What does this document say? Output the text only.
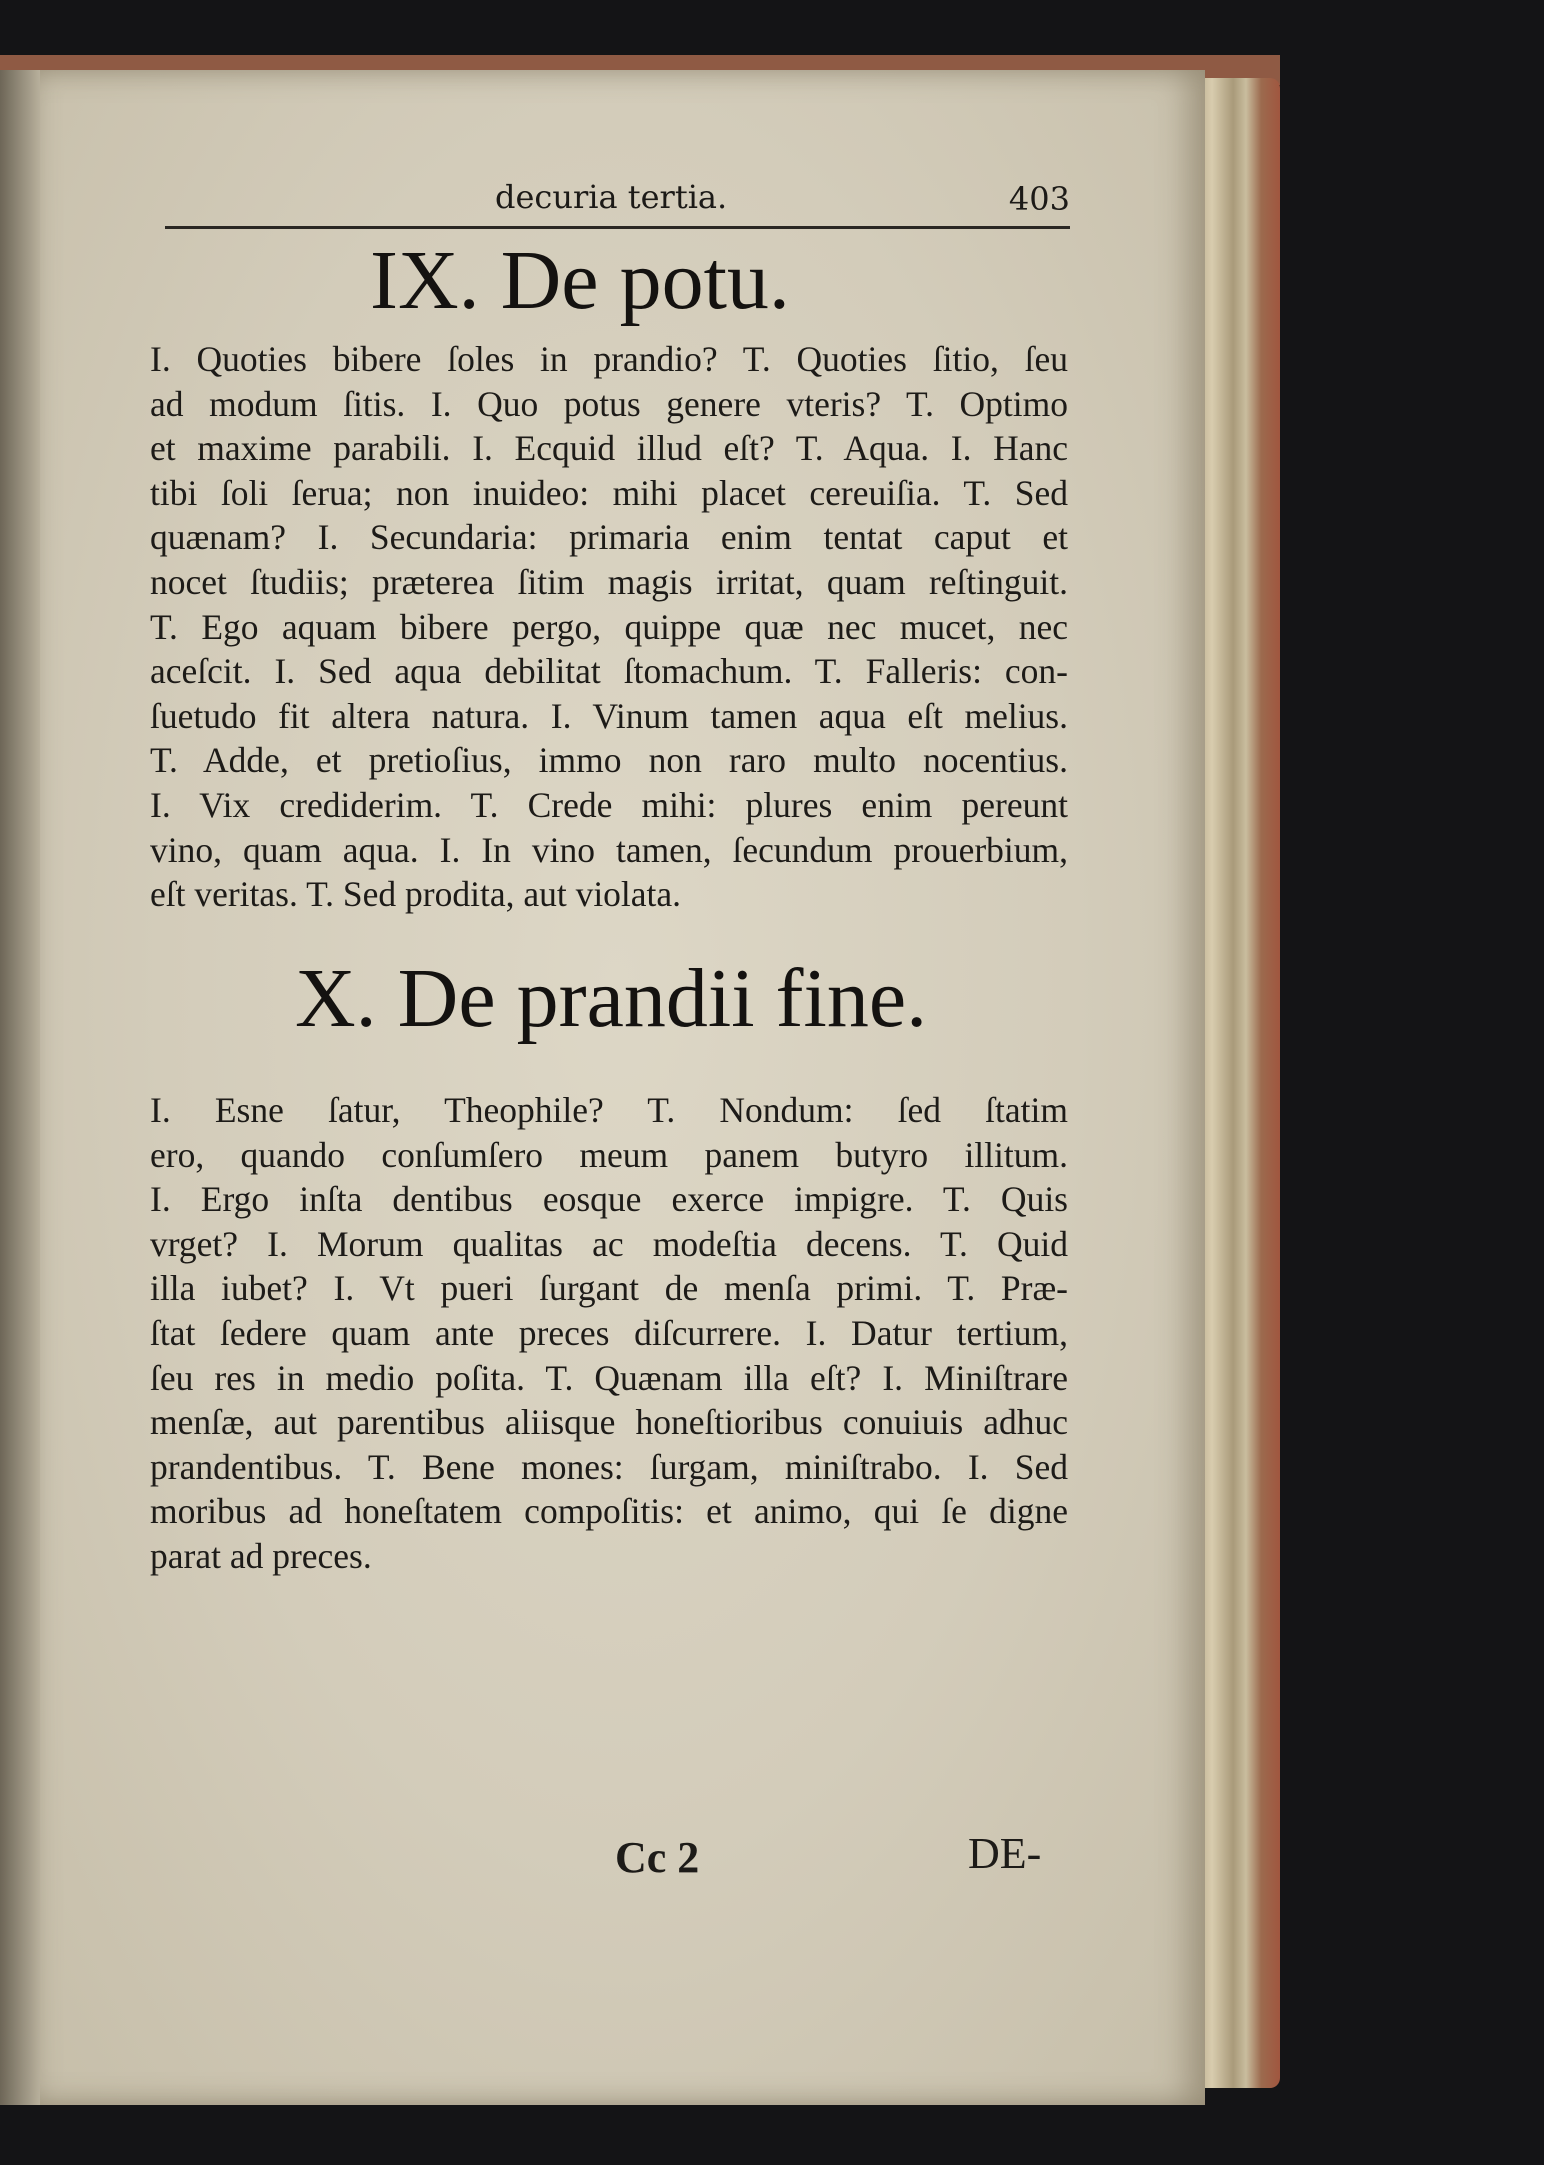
decuria tertia.	403
IX. De potu.
I. Quoties bibere ſoles in prandio? T. Quoties ſitio, ſeu
ad modum ſitis. I. Quo potus genere vteris? T. Optimo
et maxime parabili. I. Ecquid illud eſt? T. Aqua. I. Hanc
tibi ſoli ſerua; non inuideo: mihi placet cereuiſia. T. Sed
quænam? I. Secundaria: primaria enim tentat caput et
nocet ſtudiis; præterea ſitim magis irritat, quam reſtinguit.
T. Ego aquam bibere pergo, quippe quæ nec mucet, nec
aceſcit. I. Sed aqua debilitat ſtomachum. T. Falleris: con-
ſuetudo fit altera natura. I. Vinum tamen aqua eſt melius.
T. Adde, et pretioſius, immo non raro multo nocentius.
I. Vix crediderim. T. Crede mihi: plures enim pereunt
vino, quam aqua. I. In vino tamen, ſecundum prouerbium,
eſt veritas. T. Sed prodita, aut violata.
X. De prandii fine.
I. Esne ſatur, Theophile? T. Nondum: ſed ſtatim
ero, quando conſumſero meum panem butyro illitum.
I. Ergo inſta dentibus eosque exerce impigre. T. Quis
vrget? I. Morum qualitas ac modeſtia decens. T. Quid
illa iubet? I. Vt pueri ſurgant de menſa primi. T. Præ-
ſtat ſedere quam ante preces diſcurrere. I. Datur tertium,
ſeu res in medio poſita. T. Quænam illa eſt? I. Miniſtrare
menſæ, aut parentibus aliisque honeſtioribus conuiuis adhuc
prandentibus. T. Bene mones: ſurgam, miniſtrabo. I. Sed
moribus ad honeſtatem compoſitis: et animo, qui ſe digne
parat ad preces.
Cc 2	DE-
